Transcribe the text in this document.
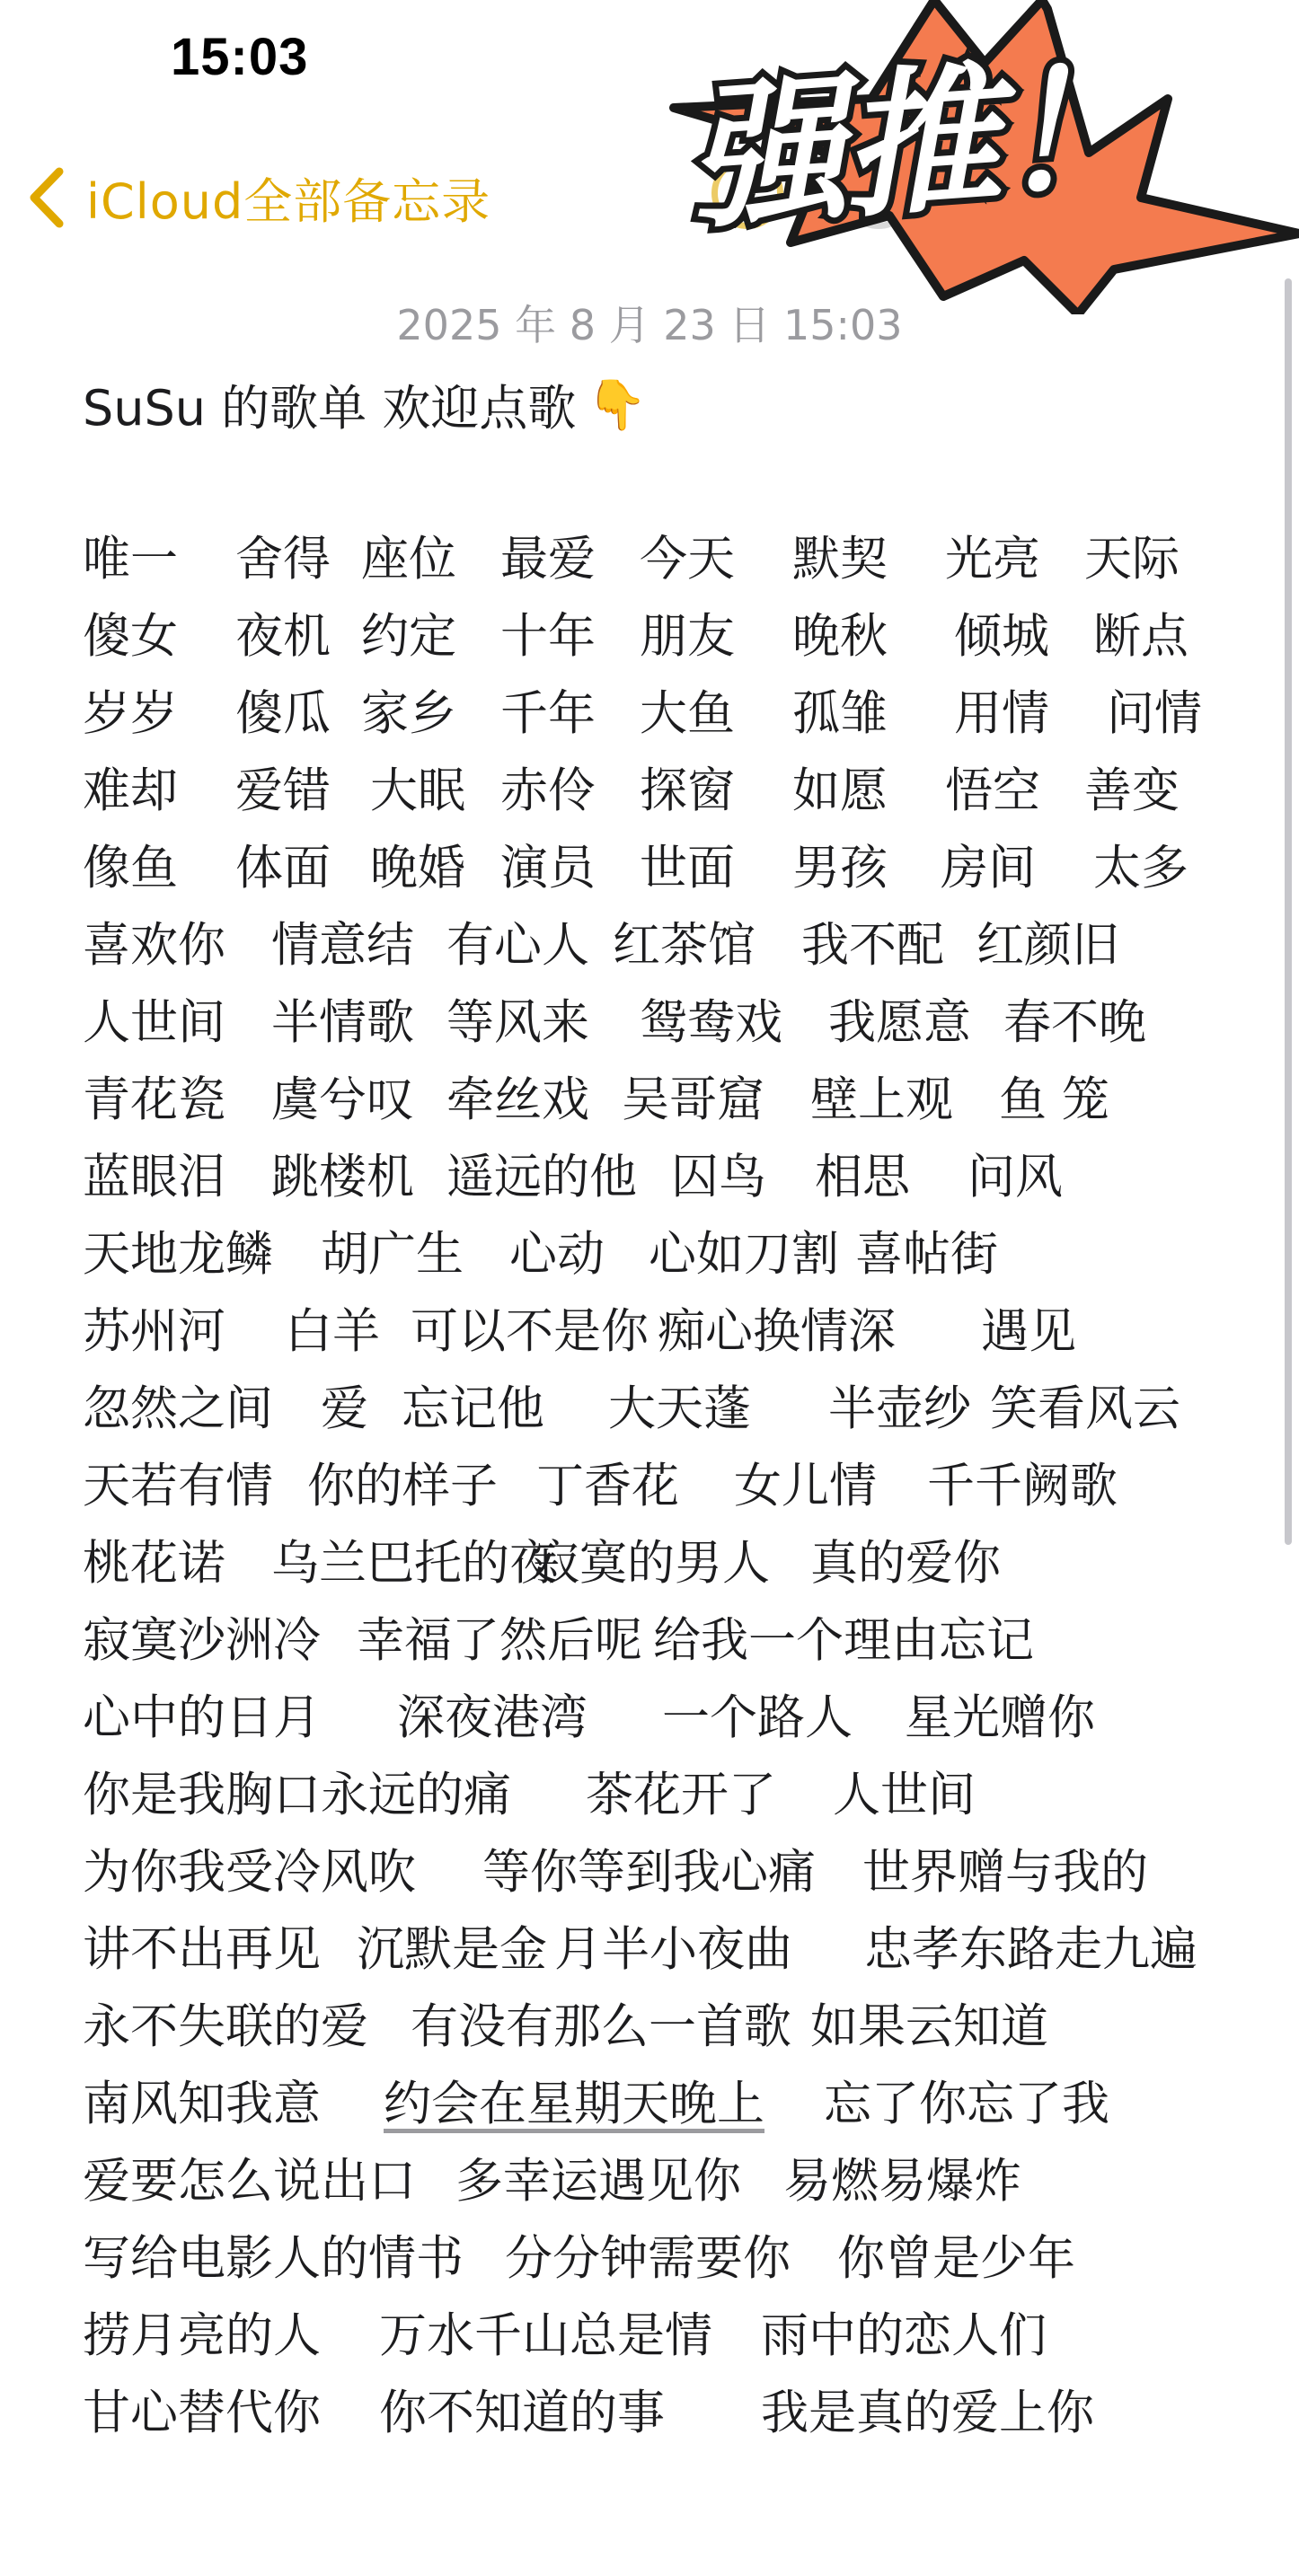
15:03
iCloud全部备忘录
2025 年 8 月 23 日 15:03
SuSu 的歌单 欢迎点歌 👇
唯一 舍得 座位 最爱 今天 默契 光亮 天际
傻女 夜机 约定 十年 朋友 晚秋 倾城 断点
岁岁 傻瓜 家乡 千年 大鱼 孤雏 用情 问情
难却 爱错 大眠 赤伶 探窗 如愿 悟空 善变
像鱼 体面 晚婚 演员 世面 男孩 房间 太多
喜欢你 情意结 有心人 红茶馆 我不配 红颜旧
人世间 半情歌 等风来 鸳鸯戏 我愿意 春不晚
青花瓷 虞兮叹 牵丝戏 吴哥窟 壁上观 鱼 笼
蓝眼泪 跳楼机 遥远的他 囚鸟 相思 问风
天地龙鳞 胡广生 心动 心如刀割 喜帖街
苏州河 白羊 可以不是你 痴心换情深 遇见
忽然之间 爱 忘记他 大天蓬 半壶纱 笑看风云
天若有情 你的样子 丁香花 女儿情 千千阙歌
桃花诺 乌兰巴托的夜
寂寞的男人 真的爱你
寂寞沙洲冷 幸福了然后呢 给我一个理由忘记
心中的日月 深夜港湾 一个路人 星光赠你
你是我胸口永远的痛 茶花开了 人世间
为你我受冷风吹 等你等到我心痛 世界赠与我的
讲不出再见 沉默是金 月半小夜曲 忠孝东路走九遍
永不失联的爱 有没有那么一首歌 如果云知道
南风知我意 约会在星期天晚上 忘了你忘了我
爱要怎么说出口 多幸运遇见你 易燃易爆炸
写给电影人的情书 分分钟需要你 你曾是少年
捞月亮的人 万水千山总是情 雨中的恋人们
甘心替代你 你不知道的事 我是真的爱上你
强推！
